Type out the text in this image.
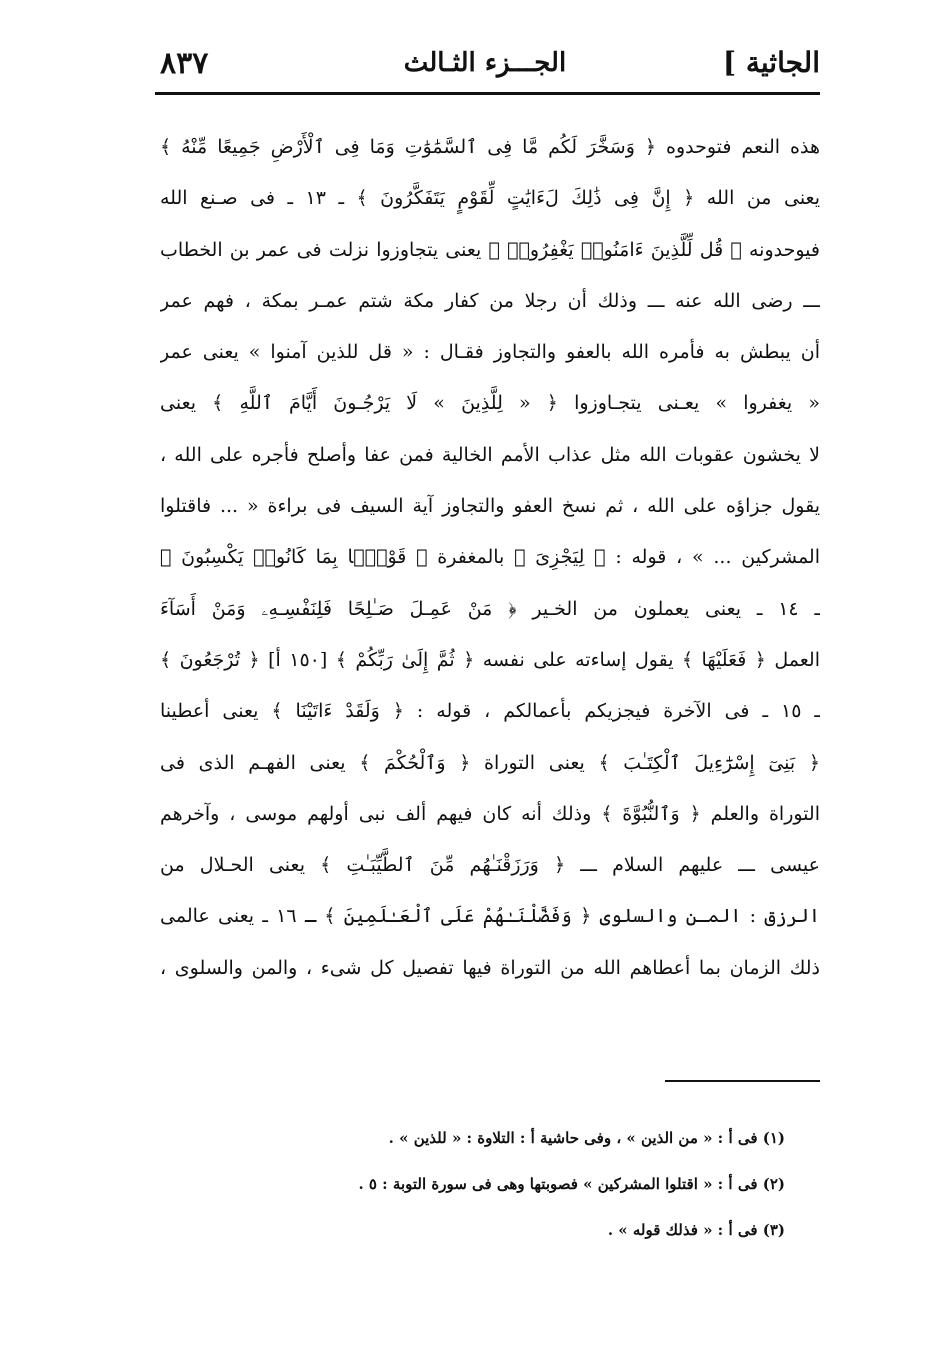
٨٣٧	الجـــزء الثـالث	الجاثية ]
هذه النعم فتوحدوه ﴿ وَسَخَّرَ لَكُم مَّا فِى ٱلسَّمَٰوَٰتِ وَمَا فِى ٱلْأَرْضِ جَمِيعًا مِّنْهُ ﴾
يعنى من الله ﴿ إِنَّ فِى ذَٰلِكَ لَءَايَٰتٍ لِّقَوْمٍ يَتَفَكَّرُونَ ﴾ ـ ١٣ ـ فى صـنع الله
فيوحدونه ﴿ قُل لِّلَّذِينَ ءَامَنُوا۟ يَغْفِرُوا۟ ﴾ يعنى يتجاوزوا نزلت فى عمر بن الخطاب
ـــ رضى الله عنه ـــ وذلك أن رجلا من كفار مكة شتم عمـر بمكة ، فهم عمر
أن يبطش به فأمره الله بالعفو والتجاوز فقـال : « قل للذين آمنوا » يعنى عمر
« يغفروا » يعـنى يتجـاوزوا ﴿ « لِلَّذِينَ » لَا يَرْجُـونَ أَيَّامَ ٱللَّهِ ﴾ يعنى
لا يخشون عقوبات الله مثل عذاب الأمم الخالية فمن عفا وأصلح فأجره على الله ،
يقول جزاؤه على الله ، ثم نسخ العفو والتجاوز آية السيف فى براءة « ... فاقتلوا
المشركين ... » ، قوله : ﴿ لِيَجْزِىَ ﴾ بالمغفرة ﴿ قَوْمًۢا بِمَا كَانُوا۟ يَكْسِبُونَ ﴾
ـ ١٤ ـ يعنى يعملون من الخـير ﴿ مَنْ عَمِـلَ صَـٰلِحًا فَلِنَفْسِـهِۦ وَمَنْ أَسَآءَ
العمل ﴿ فَعَلَيْهَا ﴾ يقول إساءته على نفسه ﴿ ثُمَّ إِلَىٰ رَبِّكُمْ ﴾ [١٥٠ أ] ﴿ تُرْجَعُونَ ﴾
ـ ١٥ ـ فى الآخرة فيجزيكم بأعمالكم ، قوله : ﴿ وَلَقَدْ ءَاتَيْنَا ﴾ يعنى أعطينا
﴿ بَنِىٓ إِسْرَٰٓءِيلَ ٱلْكِتَـٰبَ ﴾ يعنى التوراة ﴿ وَٱلْحُكْمَ ﴾ يعنى الفهـم الذى فى
التوراة والعلم ﴿ وَٱلنُّبُوَّةَ ﴾ وذلك أنه كان فيهم ألف نبى أولهم موسى ، وآخرهم
عيسى ـــ عليهم السلام ـــ ﴿ وَرَزَقْنَـٰهُم مِّنَ ٱلطَّيِّبَـٰتِ ﴾ يعنى الحـلال من
الرزق : المـن والسلوى ﴿ وَفَضَّلْنَـٰهُمْ عَلَى ٱلْعَـٰلَمِينَ ﴾ ـ ١٦ ـ يعنى عالمى
ذلك الزمان بما أعطاهم الله من التوراة فيها تفصيل كل شىء ، والمن والسلوى ،
(١) فى أ : « من الذين » ، وفى حاشية أ : التلاوة : « للذين » .
(٢) فى أ : « اقتلوا المشركين » فصوبتها وهى فى سورة التوبة : ٥ .
(٣) فى أ : « فذلك قوله » .
